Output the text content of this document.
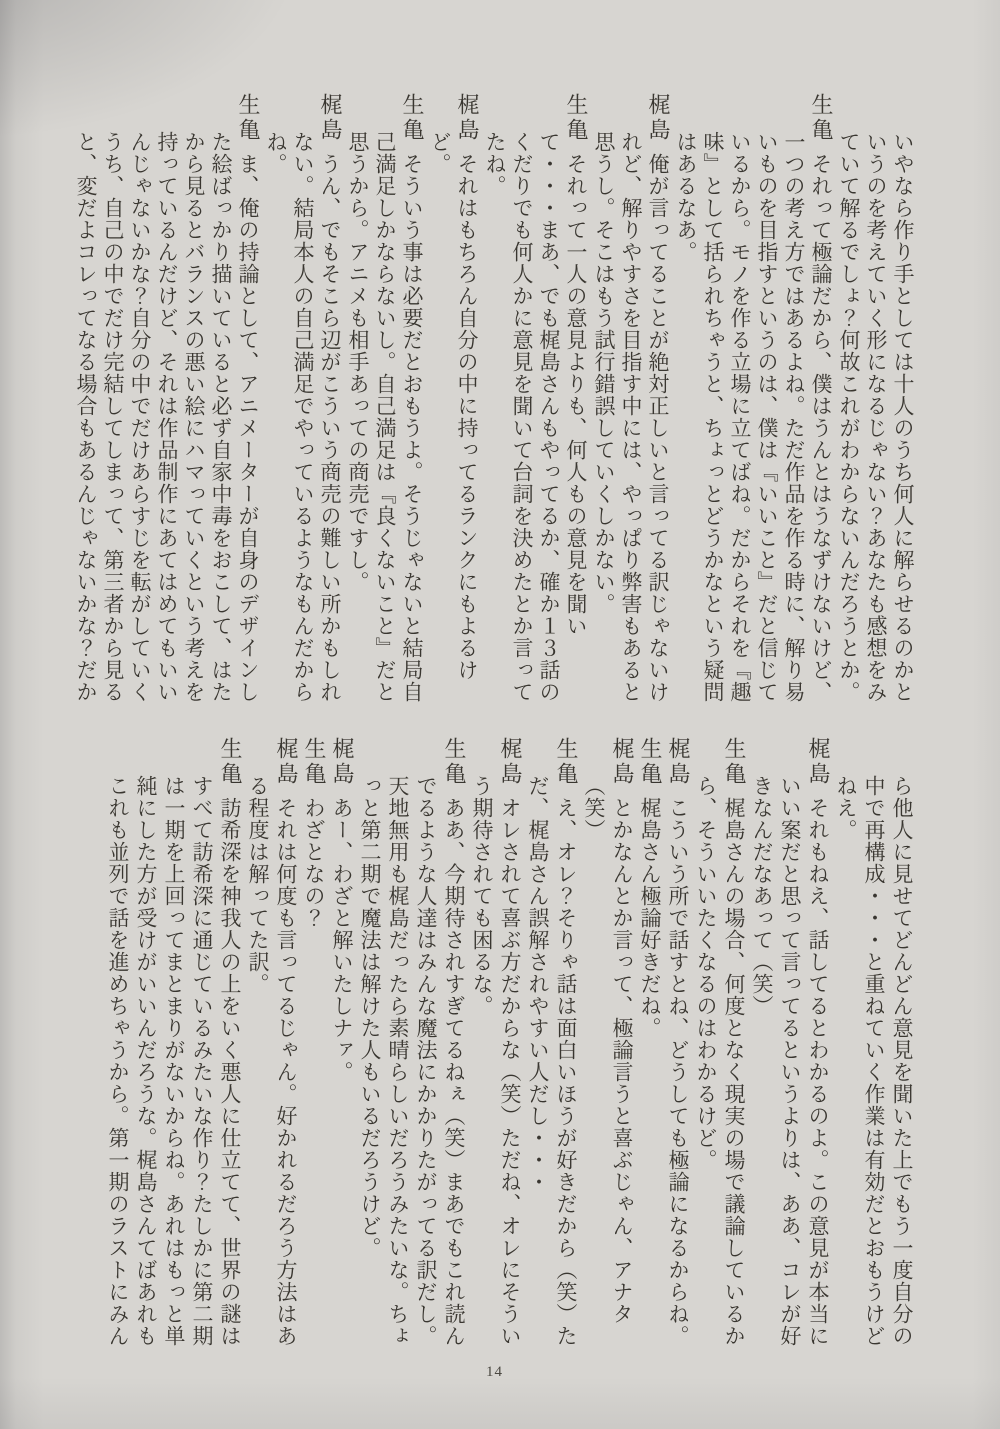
いやなら作り手としては十人のうち何人に解らせるのかというのを考えていく形になるじゃない？あなたも感想をみていて解るでしょ？何故これがわからないんだろうとか。

生亀それって極論だから、僕はうんとはうなずけないけど、一つの考え方ではあるよね。ただ作品を作る時に、解り易いものを目指すというのは、僕は『いいこと』だと信じているから。モノを作る立場に立てばね。だからそれを『趣味』として括られちゃうと、ちょっとどうかなという疑問はあるなあ。

梶島俺が言ってることが絶対正しいと言ってる訳じゃないけれど、解りやすさを目指す中には、やっぱり弊害もあると思うし。そこはもう試行錯誤していくしかない。

生亀それって一人の意見よりも、何人もの意見を聞いて・・・まあ、でも梶島さんもやってるか、確か１３話のくだりでも何人かに意見を聞いて台詞を決めたとか言ってたね。

梶島それはもちろん自分の中に持ってるランクにもよるけど。

生亀そういう事は必要だとおもうよ。そうじゃないと結局自己満足しかならないし。自己満足は『良くないこと』だと思うから。アニメも相手あっての商売ですし。

梶島うん、でもそこら辺がこういう商売の難しい所かもしれない。結局本人の自己満足でやっているようなもんだからね。

生亀ま、俺の持論として、アニメーターが自身のデザインした絵ばっかり描いていると必ず自家中毒をおこして、はたから見るとバランスの悪い絵にハマっていくという考えを持っているんだけど、それは作品制作にあてはめてもいいんじゃないかな？自分の中でだけあらすじを転がしていくうち、自己の中でだけ完結してしまって、第三者から見ると、変だよコレってなる場合もあるんじゃないかな？だか

ら他人に見せてどんどん意見を聞いた上でもう一度自分の中で再構成・・・と重ねていく作業は有効だとおもうけどねえ。

梶島それもねえ、話してるとわかるのよ。この意見が本当にいい案だと思って言ってるというよりは、ああ、コレが好きなんだなあって（笑）

生亀梶島さんの場合、何度となく現実の場で議論しているから、そういいたくなるのはわかるけど。

梶島こういう所で話すとね、どうしても極論になるからね。

生亀梶島さん極論好きだね。

梶島とかなんとか言って、極論言うと喜ぶじゃん、アナタ（笑）

生亀え、オレ？そりゃ話は面白いほうが好きだから（笑）ただ、梶島さん誤解されやすい人だし・・・

梶島オレされて喜ぶ方だからな（笑）ただね、オレにそういう期待されても困るな。

生亀ああ、今期待されすぎてるねぇ（笑）まあでもこれ読んでるような人達はみんな魔法にかかりたがってる訳だし。天地無用も梶島だったら素晴らしいだろうみたいな。ちょっと第二期で魔法は解けた人もいるだろうけど。

梶島あー、わざと解いたしナァ。

生亀わざとなの？

梶島それは何度も言ってるじゃん。好かれるだろう方法はある程度は解ってた訳。

生亀訪希深を神我人の上をいく悪人に仕立てて、世界の謎はすべて訪希深に通じているみたいな作り？たしかに第二期は一期を上回ってまとまりがないからね。あれはもっと単純にした方が受けがいいんだろうな。梶島さんてばあれもこれも並列で話を進めちゃうから。第一期のラストにみん

14
